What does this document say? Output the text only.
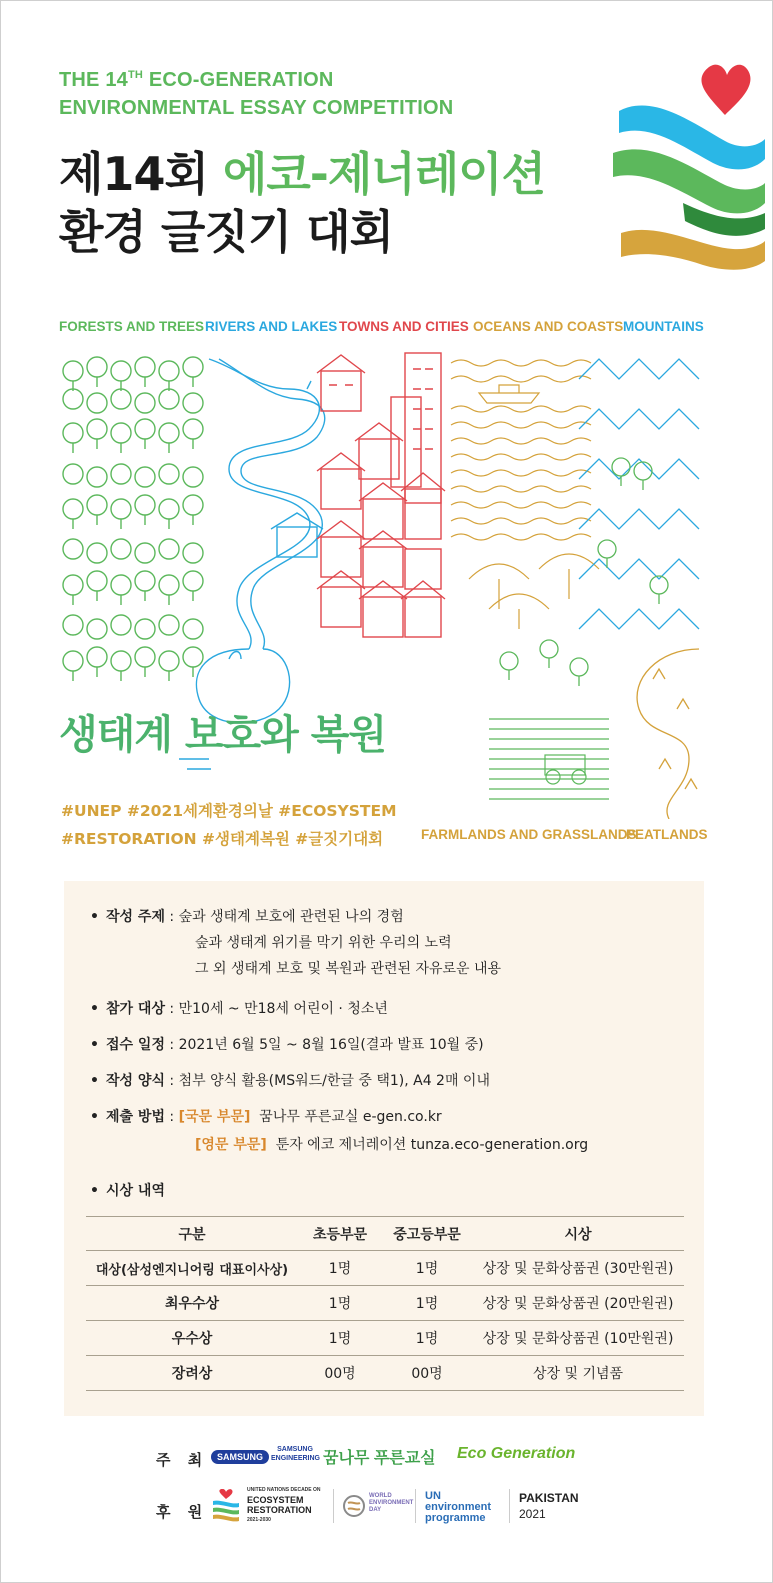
THE 14TH ECO-GENERATION
ENVIRONMENTAL ESSAY COMPETITION
제14회 에코-제너레이션
환경 글짓기 대회
FORESTS AND TREES RIVERS AND LAKES TOWNS AND CITIES OCEANS AND COASTS MOUNTAINS
생태계 보호와 복원
#UNEP #2021세계환경의날 #ECOSYSTEM
#RESTORATION #생태계복원 #글짓기대회	FARMLANDS AND GRASSLANDS
PEATLANDS
• 작성 주제 : 숲과 생태계 보호에 관련된 나의 경험
숲과 생태계 위기를 막기 위한 우리의 노력
그 외 생태계 보호 및 복원과 관련된 자유로운 내용
• 참가 대상 : 만10세 ~ 만18세 어린이 · 청소년
• 접수 일정 : 2021년 6월 5일 ~ 8월 16일(결과 발표 10월 중)
• 작성 양식 : 첨부 양식 활용(MS워드/한글 중 택1), A4 2매 이내
• 제출 방법 : [국문 부문] 꿈나무 푸른교실 e-gen.co.kr
[영문 부문] 툰자 에코 제너레이션 tunza.eco-generation.org
• 시상 내역
구분	초등부문	중고등부문	시상
대상(삼성엔지니어링 대표이사상)	1명	1명	상장 및 문화상품권 (30만원권)
최우수상	1명	1명	상장 및 문화상품권 (20만원권)
우수상	1명	1명	상장 및 문화상품권 (10만원권)
장려상	00명	00명	상장 및 기념품
주 최 SAMSUNG
SAMSUNG ENGINEERING 꿈나무 푸른교실 Eco Generation
후 원
UNITED NATIONS DECADE ON
ECOSYSTEM RESTORATION
2021-2030
WORLD ENVIRONMENT DAY
UN environment programme
PAKISTAN
2021
